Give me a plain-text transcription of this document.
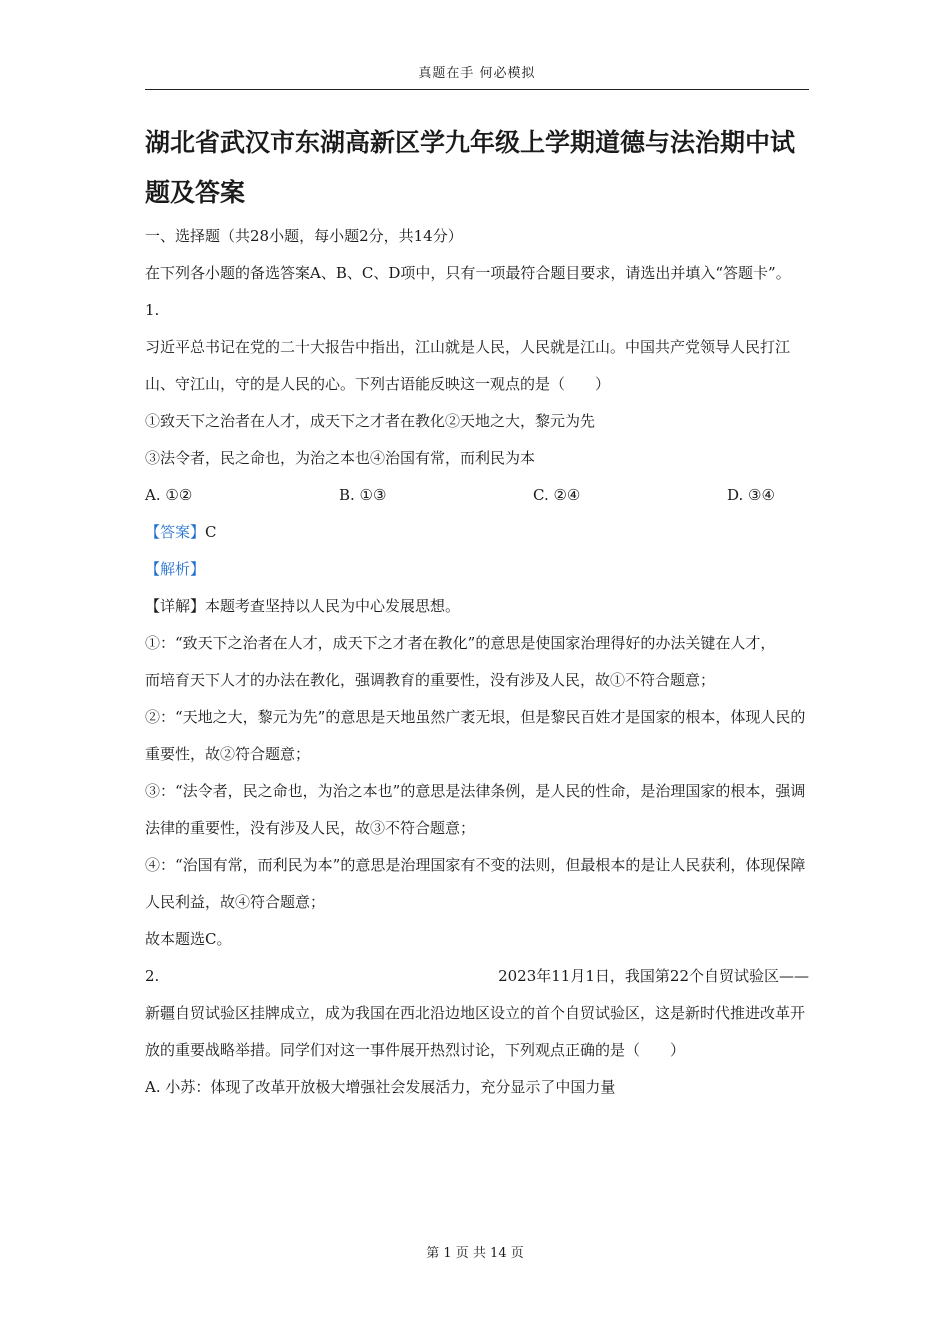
真题在手 何必模拟
湖北省武汉市东湖高新区学九年级上学期道德与法治期中试题及答案

一、选择题（共28小题，每小题2分，共14分）

在下列各小题的备选答案A、B、C、D项中，只有一项最符合题目要求，请选出并填入“答题卡”。

1.

习近平总书记在党的二十大报告中指出，江山就是人民，人民就是江山。中国共产党领导人民打江山、守江山，守的是人民的心。下列古语能反映这一观点的是（　　）

①致天下之治者在人才，成天下之才者在教化②天地之大，黎元为先

③法令者，民之命也，为治之本也④治国有常，而利民为本

A. ①②	B. ①③	C. ②④	D. ③④

【答案】C

【解析】

【详解】本题考查坚持以人民为中心发展思想。

①：“致天下之治者在人才，成天下之才者在教化”的意思是使国家治理得好的办法关键在人才，

而培育天下人才的办法在教化，强调教育的重要性，没有涉及人民，故①不符合题意；

②：“天地之大，黎元为先”的意思是天地虽然广袤无垠，但是黎民百姓才是国家的根本，体现人民的重要性，故②符合题意；

③：“法令者，民之命也，为治之本也”的意思是法律条例，是人民的性命，是治理国家的根本，强调法律的重要性，没有涉及人民，故③不符合题意；

④：“治国有常，而利民为本”的意思是治理国家有不变的法则，但最根本的是让人民获利，体现保障人民利益，故④符合题意；

故本题选C。

2.	2023年11月1日，我国第22个自贸试验区——

新疆自贸试验区挂牌成立，成为我国在西北沿边地区设立的首个自贸试验区，这是新时代推进改革开放的重要战略举措。同学们对这一事件展开热烈讨论，下列观点正确的是（　　）

A. 小苏：体现了改革开放极大增强社会发展活力，充分显示了中国力量

第 1 页 共 14 页
